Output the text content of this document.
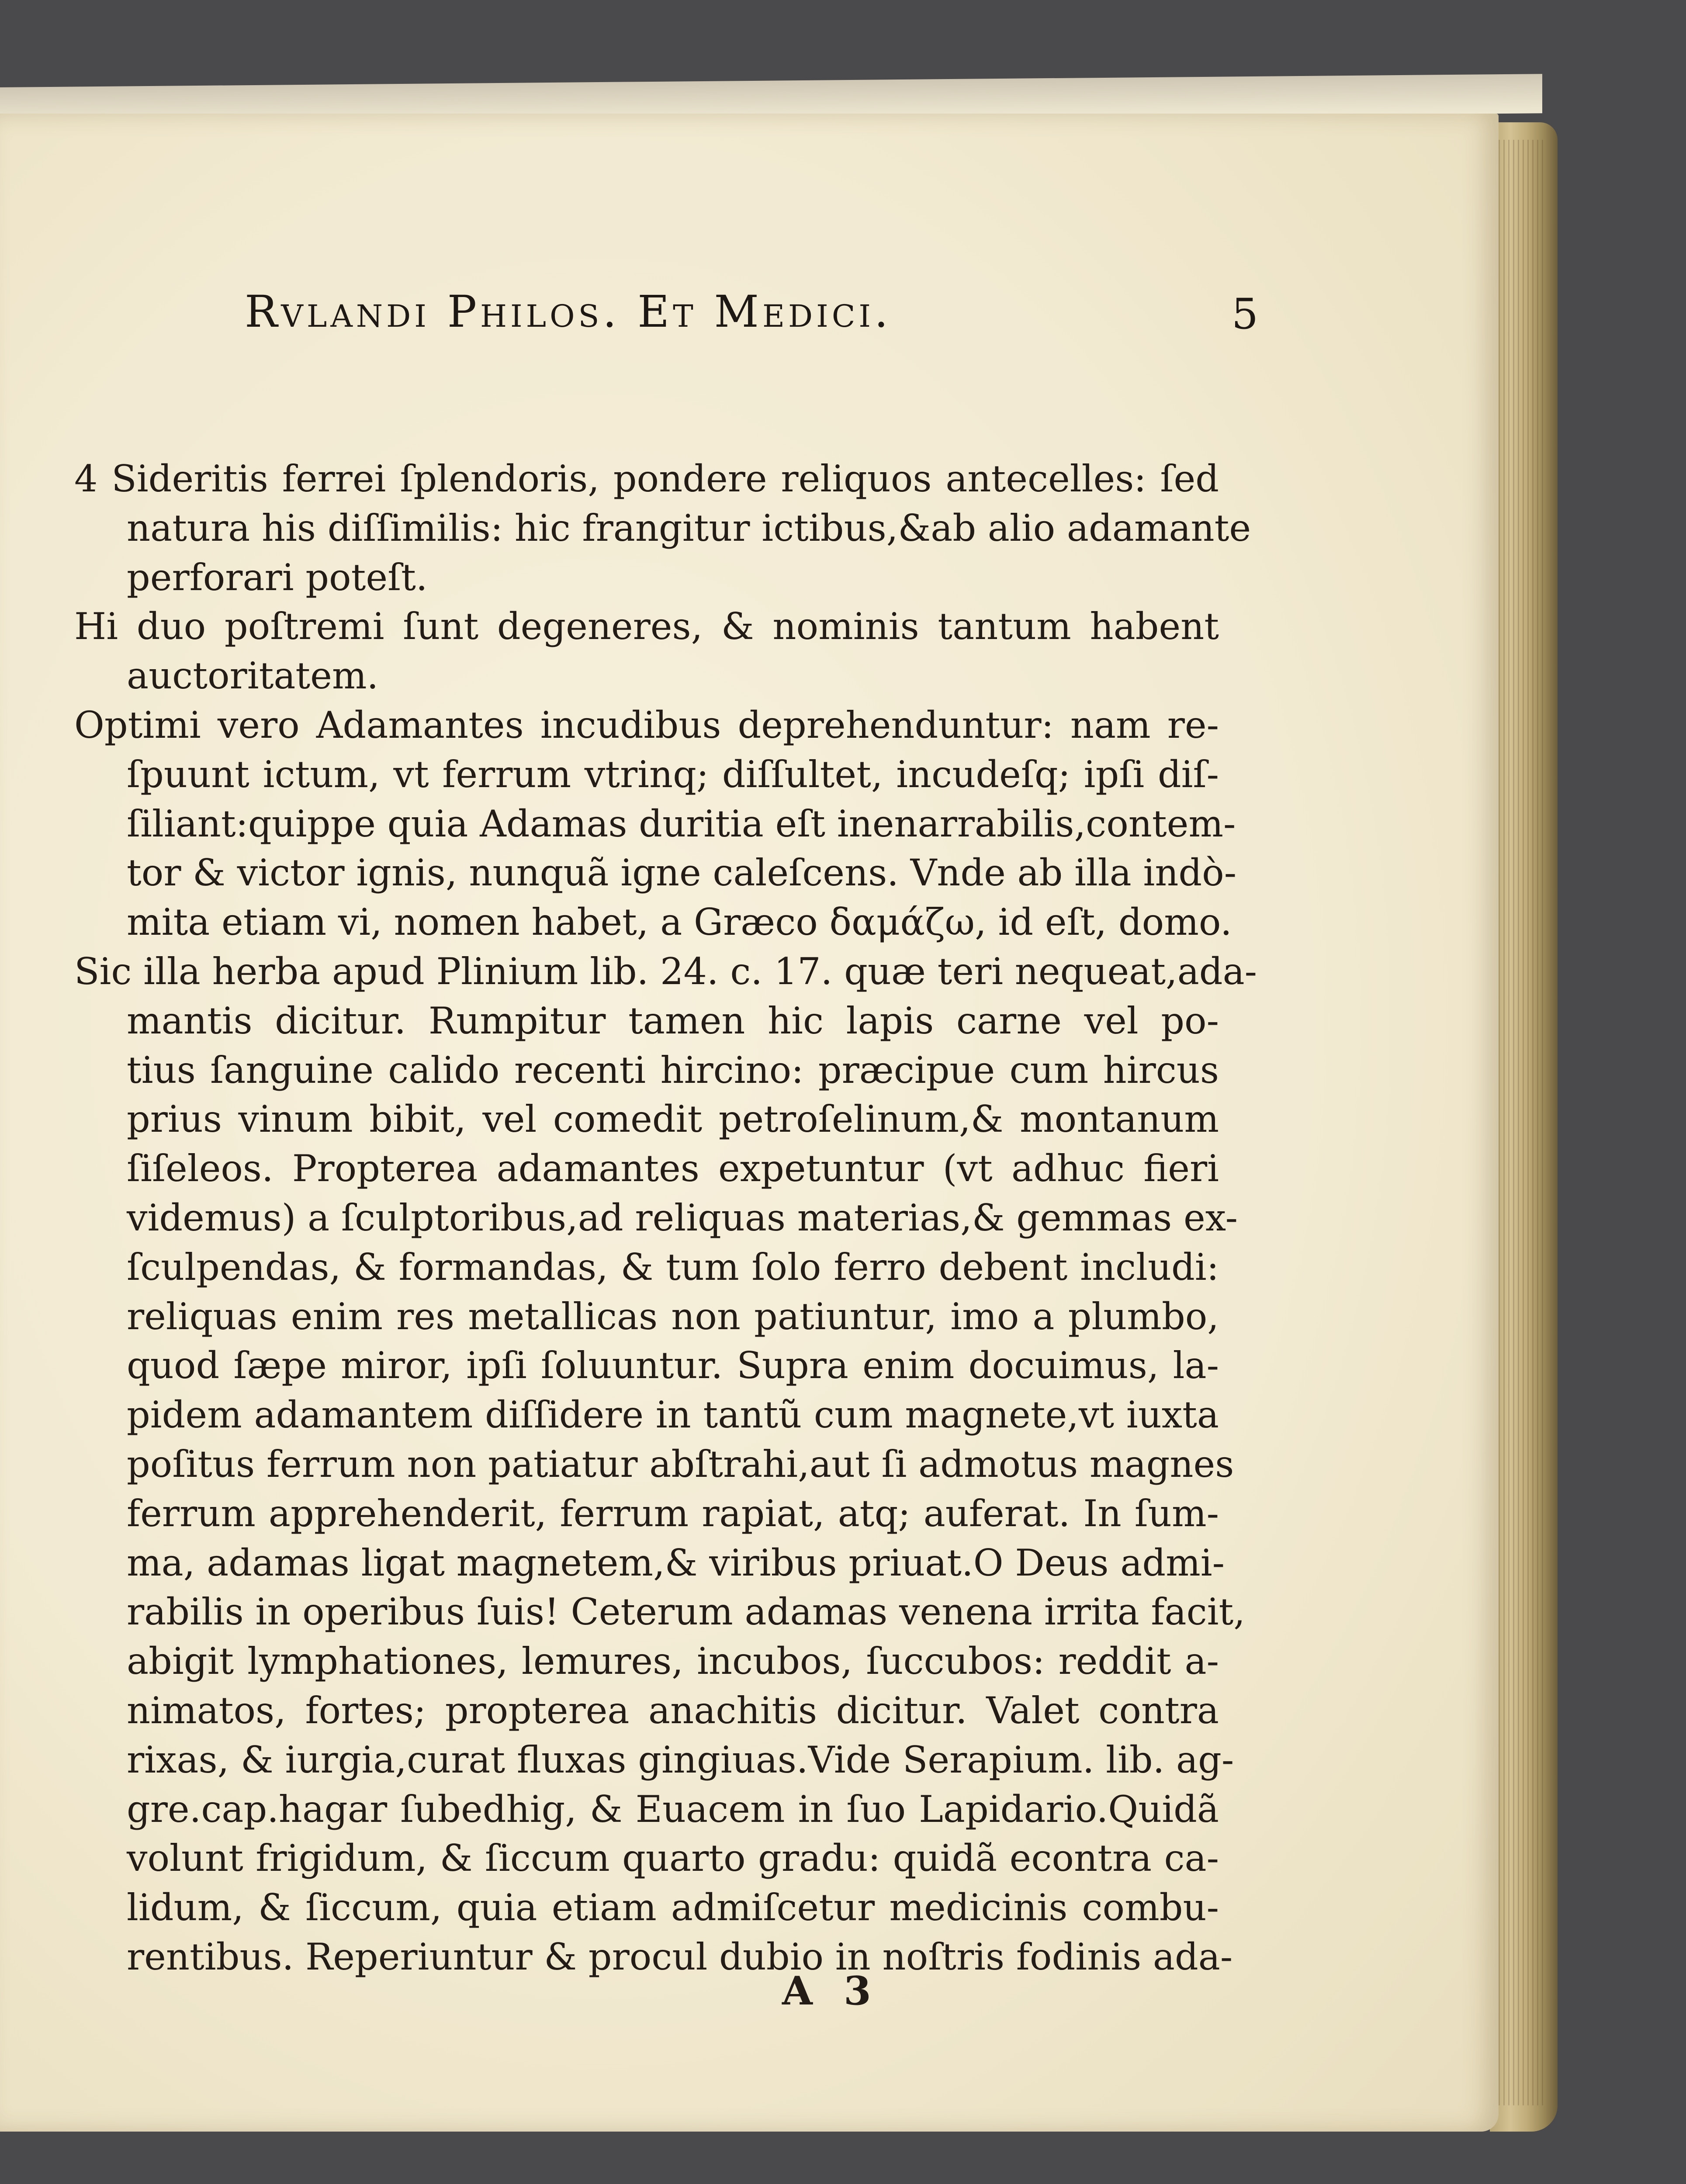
Rvlandi Philos. Et Medici.	5
4 Sideritis ferrei ſplendoris, pondere reliquos antecelles: ſed
natura his diſſimilis: hic frangitur ictibus,&ab alio adamante
perforari poteſt.
Hi duo poſtremi ſunt degeneres, & nominis tantum habent
auctoritatem.
Optimi vero Adamantes incudibus deprehenduntur: nam re-
ſpuunt ictum, vt ferrum vtrinq; diſſultet, incudeſq; ipſi diſ-
ſiliant:quippe quia Adamas duritia eſt inenarrabilis,contem-
tor & victor ignis, nunquã igne caleſcens. Vnde ab illa indò-
mita etiam vi, nomen habet, a Græco δαμάζω, id eſt, domo.
Sic illa herba apud Plinium lib. 24. c. 17. quæ teri nequeat,ada-
mantis dicitur. Rumpitur tamen hic lapis carne vel po-
tius ſanguine calido recenti hircino: præcipue cum hircus
prius vinum bibit, vel comedit petroſelinum,& montanum
ſiſeleos. Propterea adamantes expetuntur (vt adhuc fieri
videmus) a ſculptoribus,ad reliquas materias,& gemmas ex-
ſculpendas, & formandas, & tum ſolo ferro debent includi:
reliquas enim res metallicas non patiuntur, imo a plumbo,
quod ſæpe miror, ipſi ſoluuntur. Supra enim docuimus, la-
pidem adamantem diſſidere in tantũ cum magnete,vt iuxta
poſitus ferrum non patiatur abſtrahi,aut ſi admotus magnes
ferrum apprehenderit, ferrum rapiat, atq; auferat. In ſum-
ma, adamas ligat magnetem,& viribus priuat.O Deus admi-
rabilis in operibus ſuis! Ceterum adamas venena irrita facit,
abigit lymphationes, lemures, incubos, ſuccubos: reddit a-
nimatos, fortes; propterea anachitis dicitur. Valet contra
rixas, & iurgia,curat fluxas gingiuas.Vide Serapium. lib. ag-
gre.cap.hagar ſubedhig, & Euacem in ſuo Lapidario.Quidã
volunt frigidum, & ſiccum quarto gradu: quidã econtra ca-
lidum, & ſiccum, quia etiam admiſcetur medicinis combu-
rentibus. Reperiuntur & procul dubio in noſtris fodinis ada-
A 3
